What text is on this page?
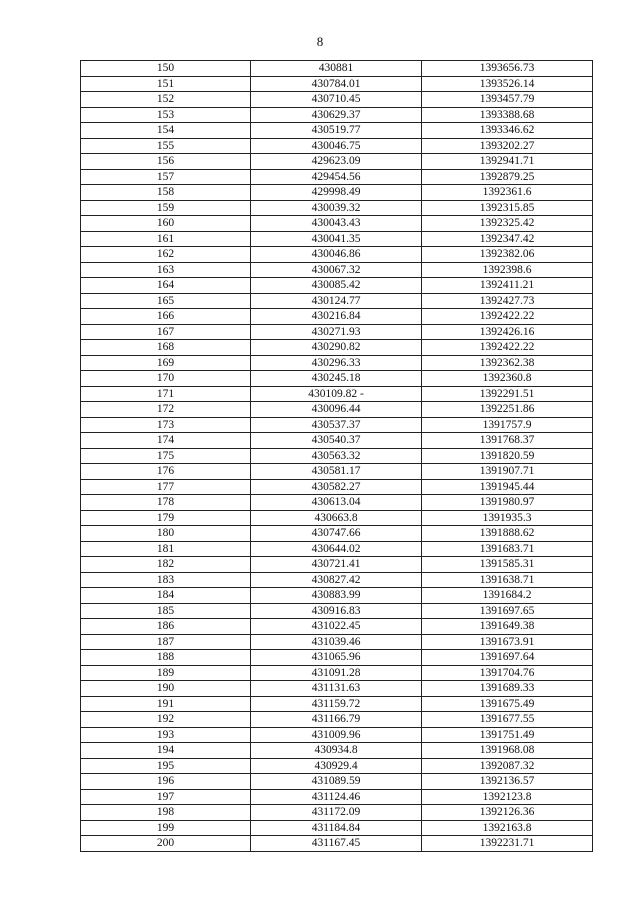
8
150	430881	1393656.73
151	430784.01	1393526.14
152	430710.45	1393457.79
153	430629.37	1393388.68
154	430519.77	1393346.62
155	430046.75	1393202.27
156	429623.09	1392941.71
157	429454.56	1392879.25
158	429998.49	1392361.6
159	430039.32	1392315.85
160	430043.43	1392325.42
161	430041.35	1392347.42
162	430046.86	1392382.06
163	430067.32	1392398.6
164	430085.42	1392411.21
165	430124.77	1392427.73
166	430216.84	1392422.22
167	430271.93	1392426.16
168	430290.82	1392422.22
169	430296.33	1392362.38
170	430245.18	1392360.8
171	430109.82 -	1392291.51
172	430096.44	1392251.86
173	430537.37	1391757.9
174	430540.37	1391768.37
175	430563.32	1391820.59
176	430581.17	1391907.71
177	430582.27	1391945.44
178	430613.04	1391980.97
179	430663.8	1391935.3
180	430747.66	1391888.62
181	430644.02	1391683.71
182	430721.41	1391585.31
183	430827.42	1391638.71
184	430883.99	1391684.2
185	430916.83	1391697.65
186	431022.45	1391649.38
187	431039.46	1391673.91
188	431065.96	1391697.64
189	431091.28	1391704.76
190	431131.63	1391689.33
191	431159.72	1391675.49
192	431166.79	1391677.55
193	431009.96	1391751.49
194	430934.8	1391968.08
195	430929.4	1392087.32
196	431089.59	1392136.57
197	431124.46	1392123.8
198	431172.09	1392126.36
199	431184.84	1392163.8
200	431167.45	1392231.71
